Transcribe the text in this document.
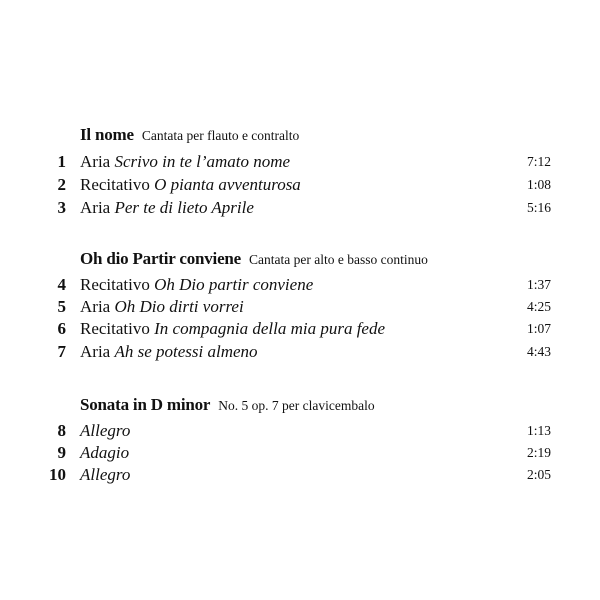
Il nome Cantata per flauto e contralto
1 Aria Scrivo in te l’amato nome	7:12
2 Recitativo O pianta avventurosa	1:08
3 Aria Per te di lieto Aprile	5:16
Oh dio Partir conviene Cantata per alto e basso continuo
4 Recitativo Oh Dio partir conviene	1:37
5 Aria Oh Dio dirti vorrei	4:25
6 Recitativo In compagnia della mia pura fede	1:07
7 Aria Ah se potessi almeno	4:43
Sonata in D minor No. 5 op. 7 per clavicembalo
8 Allegro	1:13
9 Adagio	2:19
10 Allegro	2:05
